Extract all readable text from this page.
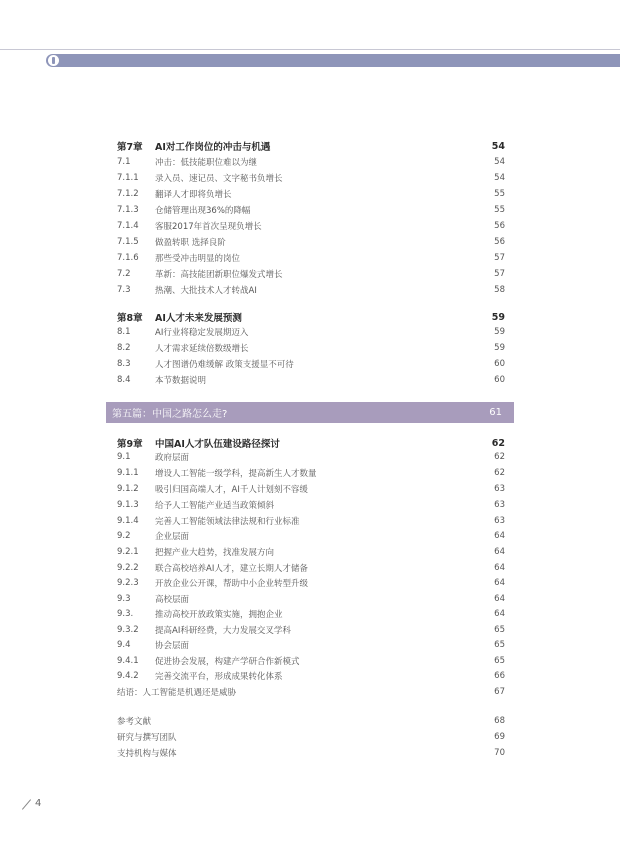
第7章	AI对工作岗位的冲击与机遇	54
7.1	冲击：低技能职位难以为继	54
7.1.1	录入员、速记员、文字秘书负增长	54
7.1.2	翻译人才即将负增长	55
7.1.3	仓储管理出现36%的降幅	55
7.1.4	客服2017年首次呈现负增长	56
7.1.5	做盈转职 选择良阶	56
7.1.6	那些受冲击明显的岗位	57
7.2	革新：高技能团新职位爆发式增长	57
7.3	热潮、大批技术人才转战AI	58
第8章	AI人才未来发展预测	59
8.1	AI行业将稳定发展期迈入	59
8.2	人才需求延续倍数级增长	59
8.3	人才图谱仍难缓解 政策支援显不可待	60
8.4	本节数据说明	60
第五篇：中国之路怎么走?	61
第9章	中国AI人才队伍建设路径探讨	62
9.1	政府层面	62
9.1.1	增设人工智能一级学科，提高新生人才数量	62
9.1.2	吸引归国高端人才，AI千人计划刻不容缓	63
9.1.3	给予人工智能产业适当政策倾斜	63
9.1.4	完善人工智能领域法律法规和行业标准	63
9.2	企业层面	64
9.2.1	把握产业大趋势，找准发展方向	64
9.2.2	联合高校培养AI人才，建立长期人才储备	64
9.2.3	开放企业公开课，帮助中小企业转型升级	64
9.3	高校层面	64
9.3.	推动高校开放政策实施，拥抱企业	64
9.3.2	提高AI科研经费，大力发展交叉学科	65
9.4	协会层面	65
9.4.1	促进协会发展，构建产学研合作新模式	65
9.4.2	完善交流平台，形成成果转化体系	66
结语：人工智能是机遇还是威胁	67
参考文献	68
研究与撰写团队	69
支持机构与媒体	70
4
